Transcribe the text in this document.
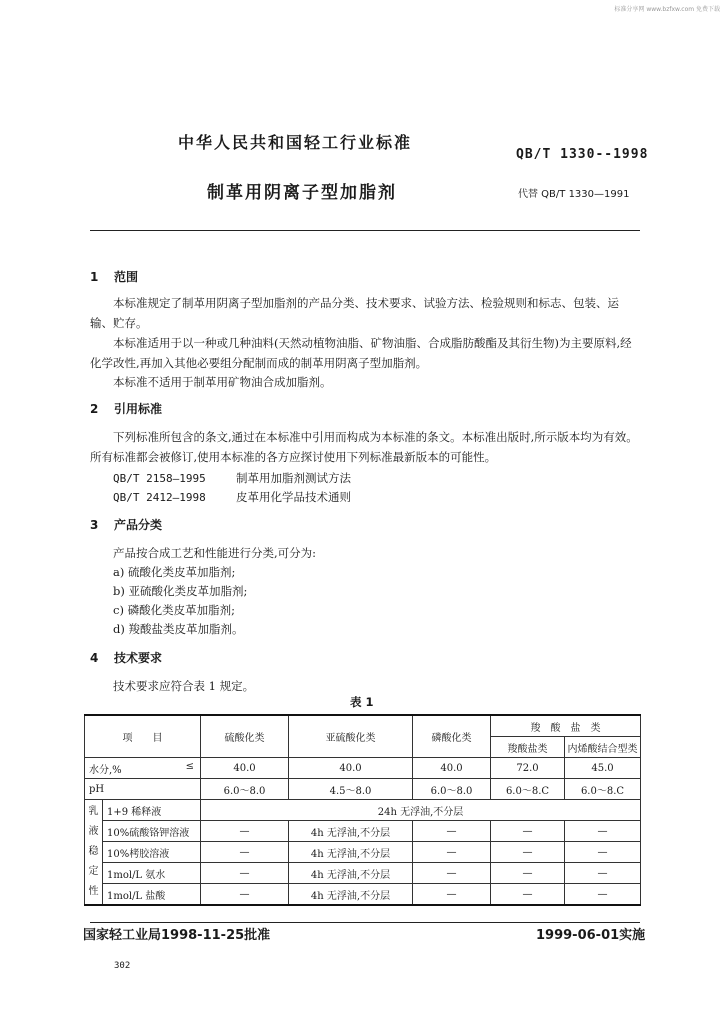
标准分享网 www.bzfxw.com 免费下载
中华人民共和国轻工行业标准
QB/T 1330--1998
制革用阴离子型加脂剂	代替 QB/T 1330—1991
1 范围
本标准规定了制革用阴离子型加脂剂的产品分类、技术要求、试验方法、检验规则和标志、包装、运输、贮存。
本标准适用于以一种或几种油料(天然动植物油脂、矿物油脂、合成脂肪酸酯及其衍生物)为主要原料,经化学改性,再加入其他必要组分配制而成的制革用阴离子型加脂剂。
本标准不适用于制革用矿物油合成加脂剂。
2 引用标准
下列标准所包含的条文,通过在本标准中引用而构成为本标准的条文。本标准出版时,所示版本均为有效。所有标准都会被修订,使用本标准的各方应探讨使用下列标准最新版本的可能性。
QB/T 2158—1995	制革用加脂剂测试方法
QB/T 2412—1998	皮革用化学品技术通则
3 产品分类
产品按合成工艺和性能进行分类,可分为:
a) 硫酸化类皮革加脂剂;
b) 亚硫酸化类皮革加脂剂;
c) 磷酸化类皮革加脂剂;
d) 羧酸盐类皮革加脂剂。
4 技术要求
技术要求应符合表 1 规定。
表 1
项　　目		硫酸化类	亚硫酸化类	磷酸化类	羧　酸　盐　类	
					羧酸盐类	内烯酸结合型类
水分,% ≤		40.0	40.0	40.0	72.0	45.0
pH		6.0～8.0	4.5～8.0	6.0～8.0	6.0～8.C	6.0～8.C
乳液稳定性	1+9 稀释液	24h 无浮油,不分层				
	10%硫酸铬钾溶液	—	4h 无浮油,不分层	—	—	—
	10%栲胶溶液	—	4h 无浮油,不分层	—	—	—
	1mol/L 氨水	—	4h 无浮油,不分层	—	—	—
	1mol/L 盐酸	—	4h 无浮油,不分层	—	—	—
国家轻工业局1998-11-25批准	1999-06-01实施
302
